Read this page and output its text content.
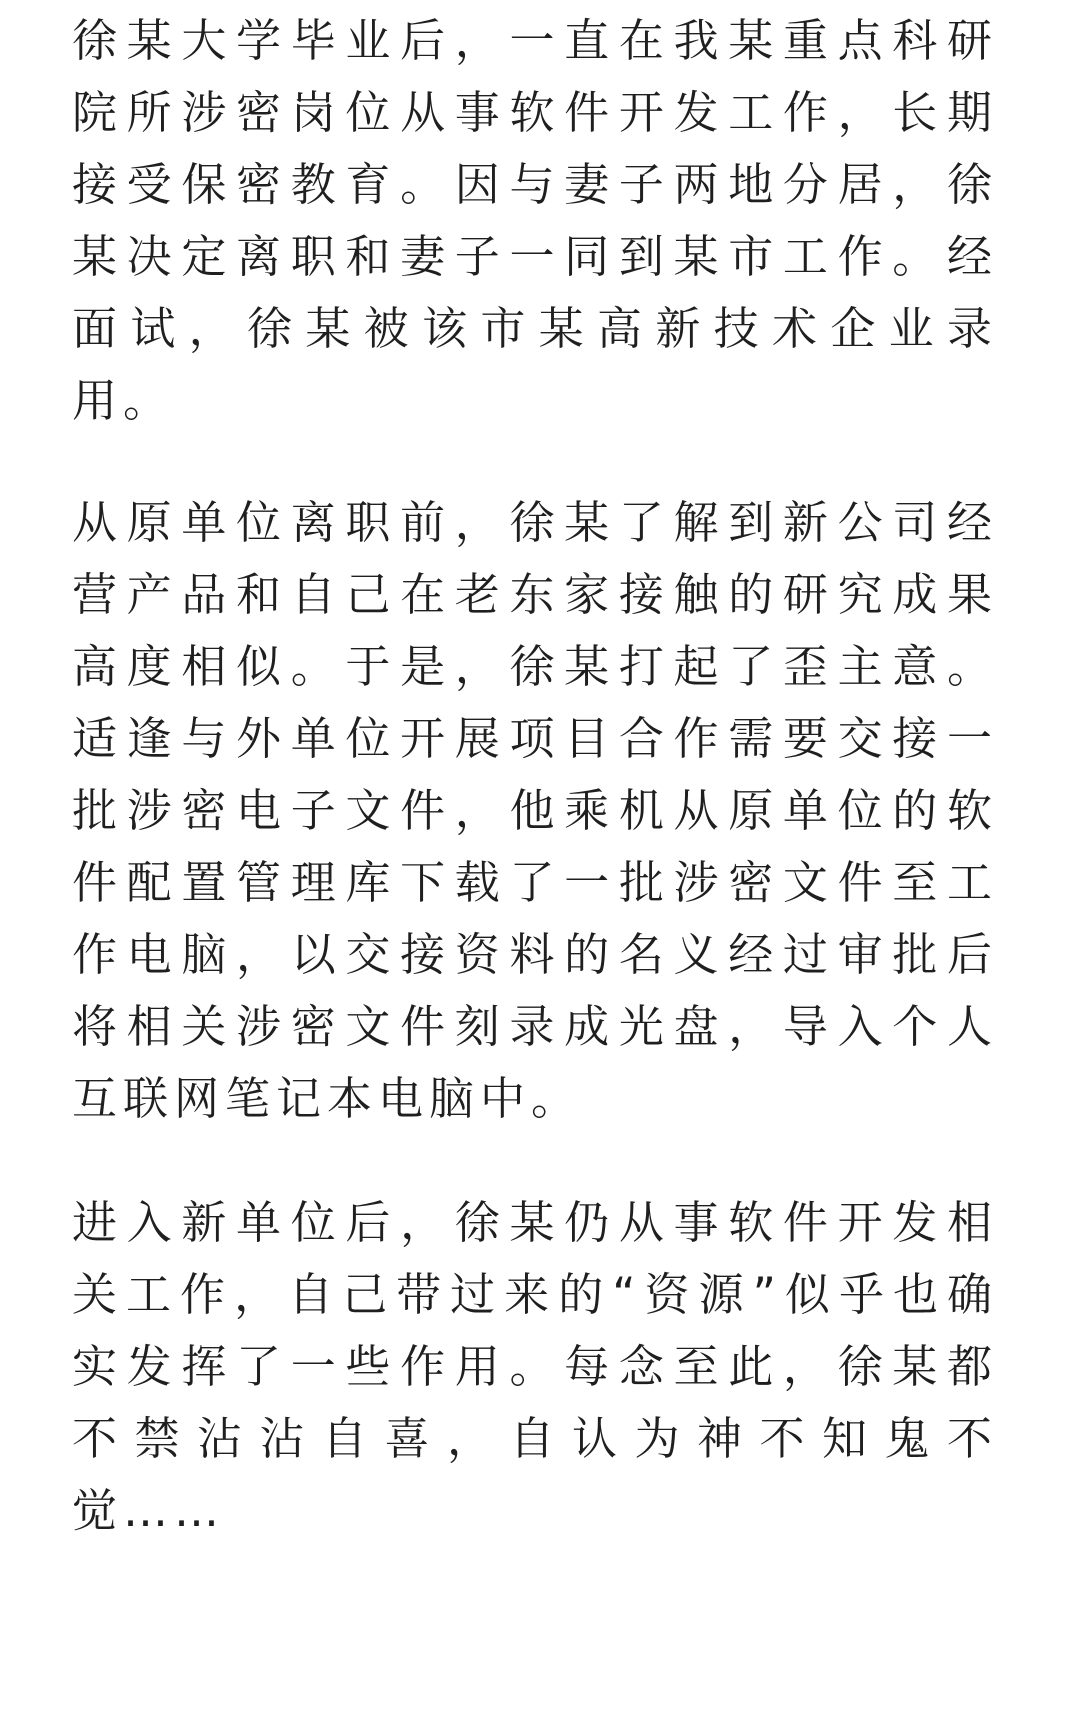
徐某大学毕业后，一直在我某重点科研
院所涉密岗位从事软件开发工作，长期
接受保密教育。因与妻子两地分居，徐
某决定离职和妻子一同到某市工作。经
面试，徐某被该市某高新技术企业录
用。
从原单位离职前，徐某了解到新公司经
营产品和自己在老东家接触的研究成果
高度相似。于是，徐某打起了歪主意。
适逢与外单位开展项目合作需要交接一
批涉密电子文件，他乘机从原单位的软
件配置管理库下载了一批涉密文件至工
作电脑，以交接资料的名义经过审批后
将相关涉密文件刻录成光盘，导入个人
互联网笔记本电脑中。
进入新单位后，徐某仍从事软件开发相
关工作，自己带过来的“资源”似乎也确
实发挥了一些作用。每念至此，徐某都
不禁沾沾自喜，自认为神不知鬼不
觉……
